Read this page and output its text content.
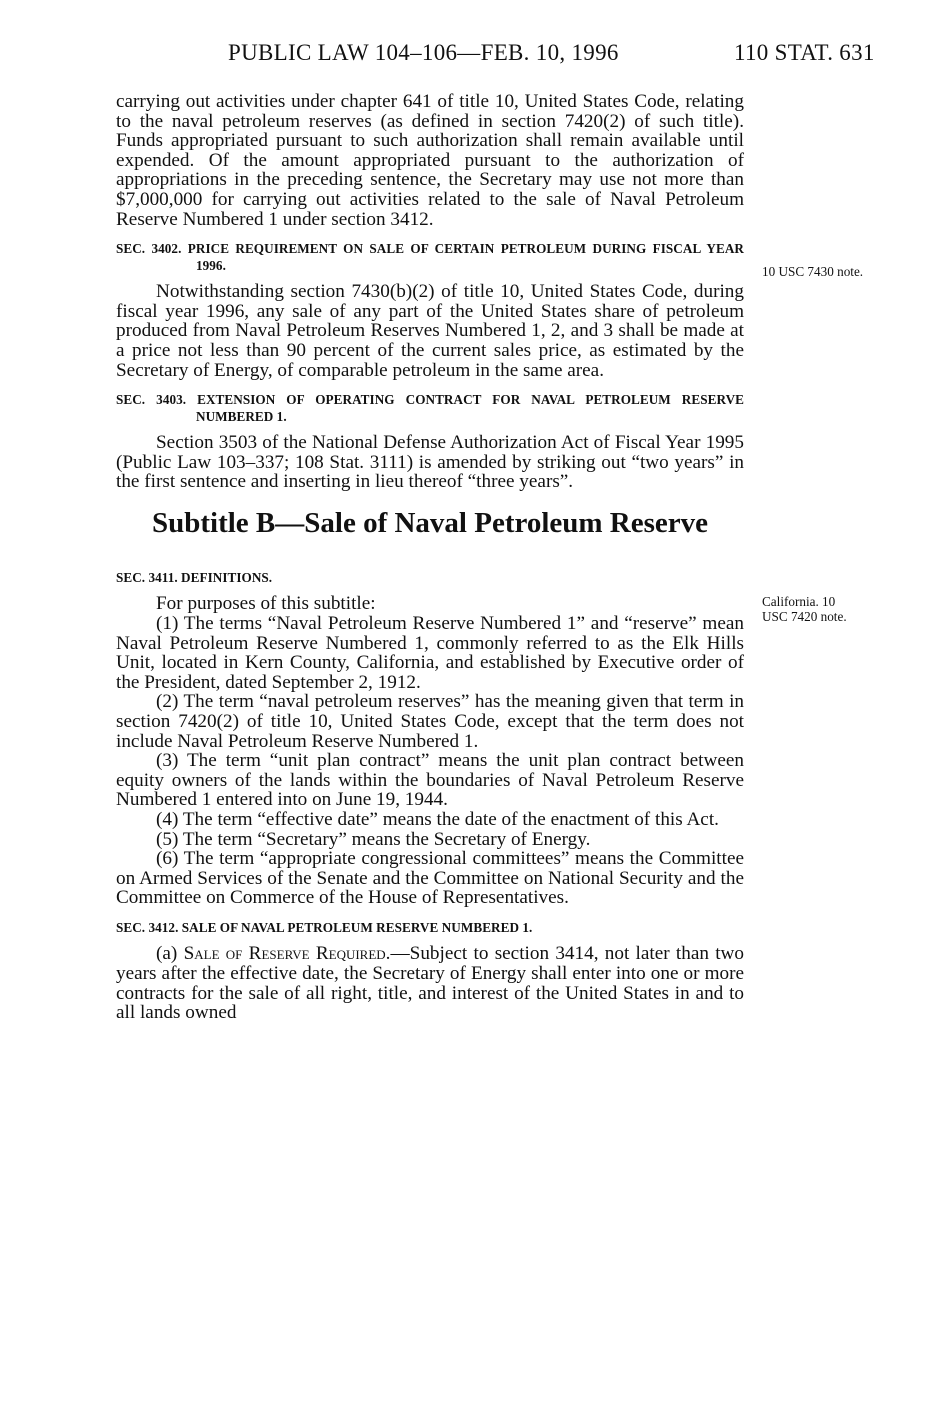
PUBLIC LAW 104–106—FEB. 10, 1996	110 STAT. 631

carrying out activities under chapter 641 of title 10, United States Code, relating to the naval petroleum reserves (as defined in section 7420(2) of such title). Funds appropriated pursuant to such authorization shall remain available until expended. Of the amount appropriated pursuant to the authorization of appropriations in the preceding sentence, the Secretary may use not more than $7,000,000 for carrying out activities related to the sale of Naval Petroleum Reserve Numbered 1 under section 3412.

SEC. 3402. PRICE REQUIREMENT ON SALE OF CERTAIN PETROLEUM DURING FISCAL YEAR 1996.

Notwithstanding section 7430(b)(2) of title 10, United States Code, during fiscal year 1996, any sale of any part of the United States share of petroleum produced from Naval Petroleum Reserves Numbered 1, 2, and 3 shall be made at a price not less than 90 percent of the current sales price, as estimated by the Secretary of Energy, of comparable petroleum in the same area.

SEC. 3403. EXTENSION OF OPERATING CONTRACT FOR NAVAL PETROLEUM RESERVE NUMBERED 1.

Section 3503 of the National Defense Authorization Act of Fiscal Year 1995 (Public Law 103–337; 108 Stat. 3111) is amended by striking out “two years” in the first sentence and inserting in lieu thereof “three years”.

Subtitle B—Sale of Naval Petroleum Reserve

SEC. 3411. DEFINITIONS.

For purposes of this subtitle:

(1) The terms “Naval Petroleum Reserve Numbered 1” and “reserve” mean Naval Petroleum Reserve Numbered 1, commonly referred to as the Elk Hills Unit, located in Kern County, California, and established by Executive order of the President, dated September 2, 1912.

(2) The term “naval petroleum reserves” has the meaning given that term in section 7420(2) of title 10, United States Code, except that the term does not include Naval Petroleum Reserve Numbered 1.

(3) The term “unit plan contract” means the unit plan contract between equity owners of the lands within the boundaries of Naval Petroleum Reserve Numbered 1 entered into on June 19, 1944.

(4) The term “effective date” means the date of the enactment of this Act.

(5) The term “Secretary” means the Secretary of Energy.

(6) The term “appropriate congressional committees” means the Committee on Armed Services of the Senate and the Committee on National Security and the Committee on Commerce of the House of Representatives.

SEC. 3412. SALE OF NAVAL PETROLEUM RESERVE NUMBERED 1.

(a) Sale of Reserve Required.—Subject to section 3414, not later than two years after the effective date, the Secretary of Energy shall enter into one or more contracts for the sale of all right, title, and interest of the United States in and to all lands owned

10 USC 7430 note.
California. 10 USC 7420 note.
